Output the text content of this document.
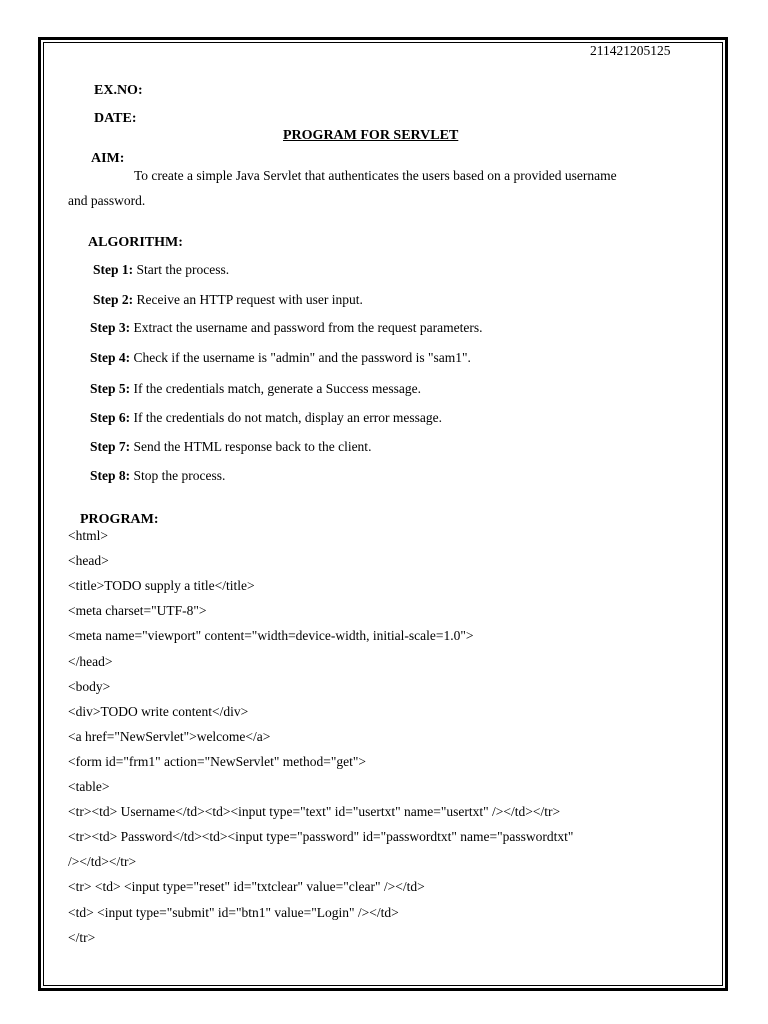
211421205125
EX.NO:
DATE:
PROGRAM FOR SERVLET
AIM:
To create a simple Java Servlet that authenticates the users based on a provided username
and password.
ALGORITHM:
Step 1: Start the process.
Step 2: Receive an HTTP request with user input.
Step 3: Extract the username and password from the request parameters.
Step 4: Check if the username is "admin" and the password is "sam1".
Step 5: If the credentials match, generate a Success message.
Step 6: If the credentials do not match, display an error message.
Step 7: Send the HTML response back to the client.
Step 8: Stop the process.
PROGRAM:
<html>
<head>
<title>TODO supply a title</title>
<meta charset="UTF-8">
<meta name="viewport" content="width=device-width, initial-scale=1.0">
</head>
<body>
<div>TODO write content</div>
<a href="NewServlet">welcome</a>
<form id="frm1" action="NewServlet" method="get">
<table>
<tr><td> Username</td><td><input type="text" id="usertxt" name="usertxt" /></td></tr>
<tr><td> Password</td><td><input type="password" id="passwordtxt" name="passwordtxt"
/></td></tr>
<tr> <td> <input type="reset" id="txtclear" value="clear" /></td>
<td> <input type="submit" id="btn1" value="Login" /></td>
</tr>
